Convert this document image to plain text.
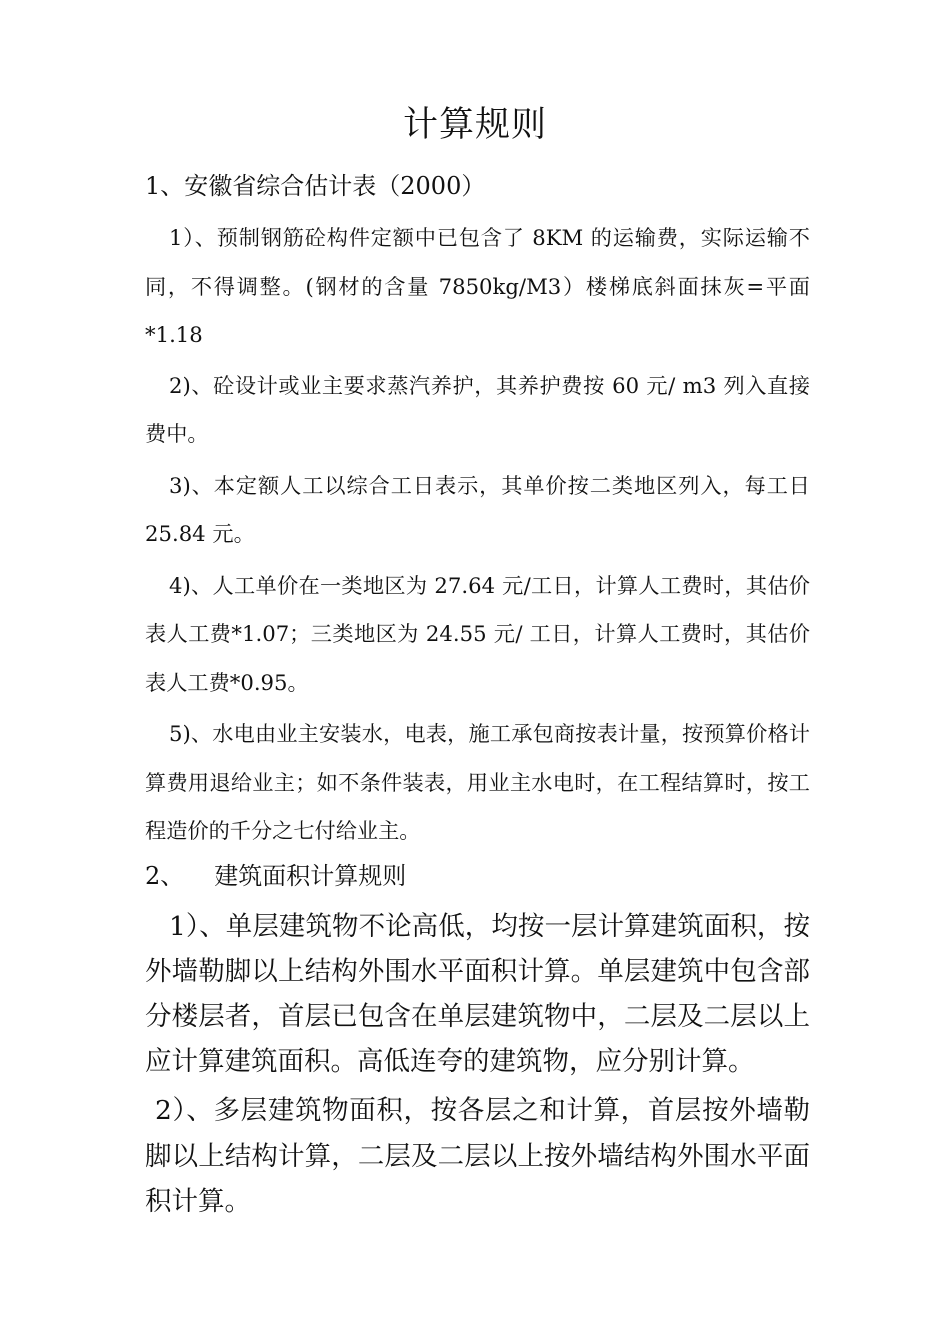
计算规则

1、安徽省综合估计表（2000）

1）、预制钢筋砼构件定额中已包含了 8KM 的运输费，实际运输不同，不得调整。(钢材的含量 7850kg/M3）楼梯底斜面抹灰=平面*1.18

2)、砼设计或业主要求蒸汽养护，其养护费按 60 元/ m3 列入直接费中。

3)、本定额人工以综合工日表示，其单价按二类地区列入，每工日 25.84 元。

4)、人工单价在一类地区为 27.64 元/工日，计算人工费时，其估价表人工费*1.07；三类地区为 24.55 元/ 工日，计算人工费时，其估价表人工费*0.95。

5)、水电由业主安装水，电表，施工承包商按表计量，按预算价格计算费用退给业主；如不条件装表，用业主水电时，在工程结算时，按工程造价的千分之七付给业主。

2、 建筑面积计算规则

1）、单层建筑物不论高低，均按一层计算建筑面积，按外墙勒脚以上结构外围水平面积计算。单层建筑中包含部分楼层者，首层已包含在单层建筑物中，二层及二层以上应计算建筑面积。高低连夸的建筑物，应分别计算。

2）、多层建筑物面积，按各层之和计算，首层按外墙勒脚以上结构计算，二层及二层以上按外墙结构外围水平面积计算。
